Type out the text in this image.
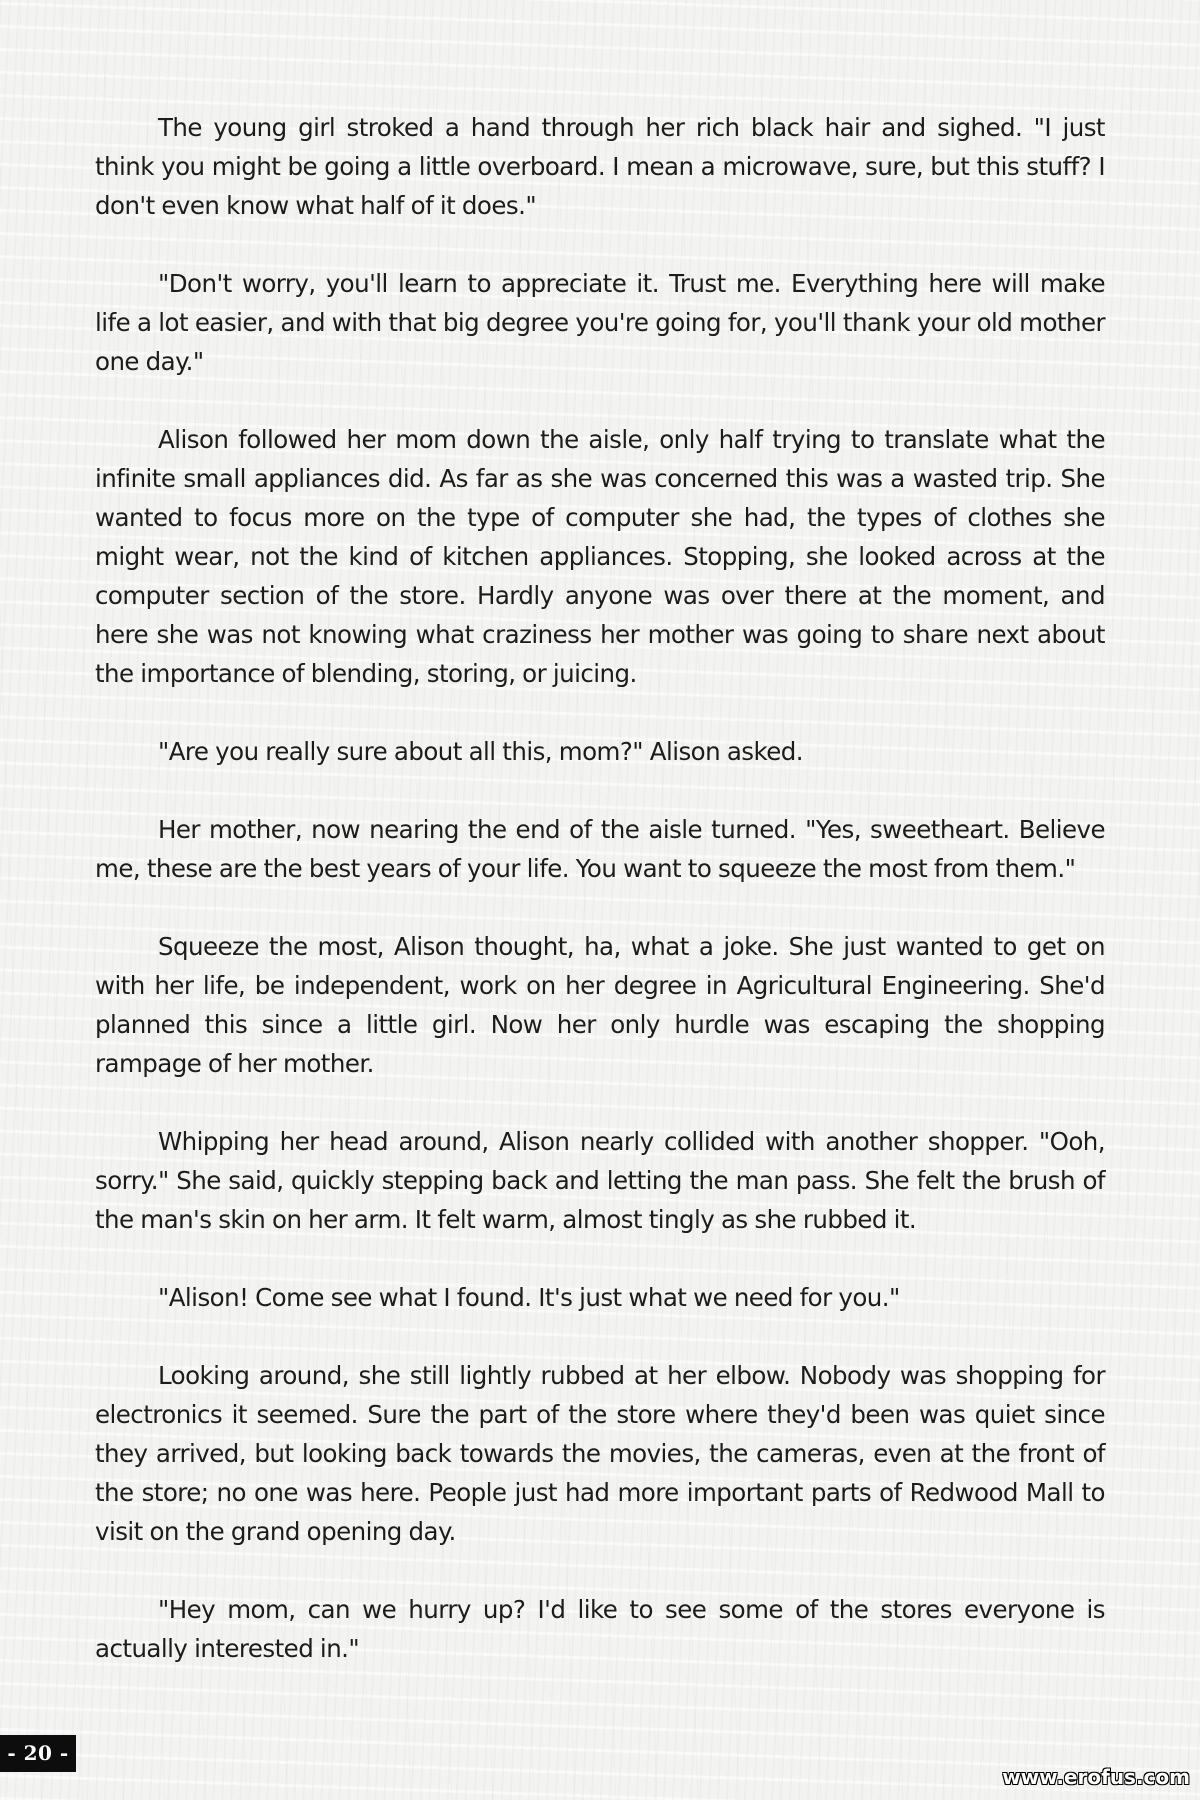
The young girl stroked a hand through her rich black hair and sighed. "I just think you might be going a little overboard. I mean a microwave, sure, but this stuff? I don't even know what half of it does."

"Don't worry, you'll learn to appreciate it. Trust me. Everything here will make life a lot easier, and with that big degree you're going for, you'll thank your old mother one day."

Alison followed her mom down the aisle, only half trying to translate what the infinite small appliances did. As far as she was concerned this was a wasted trip. She wanted to focus more on the type of computer she had, the types of clothes she might wear, not the kind of kitchen appliances. Stopping, she looked across at the computer section of the store. Hardly anyone was over there at the moment, and here she was not knowing what craziness her mother was going to share next about the importance of blending, storing, or juicing.

"Are you really sure about all this, mom?" Alison asked.

Her mother, now nearing the end of the aisle turned. "Yes, sweetheart. Believe me, these are the best years of your life. You want to squeeze the most from them."

Squeeze the most, Alison thought, ha, what a joke. She just wanted to get on with her life, be independent, work on her degree in Agricultural Engineering. She'd planned this since a little girl. Now her only hurdle was escaping the shopping rampage of her mother.

Whipping her head around, Alison nearly collided with another shopper. "Ooh, sorry." She said, quickly stepping back and letting the man pass. She felt the brush of the man's skin on her arm. It felt warm, almost tingly as she rubbed it.

"Alison! Come see what I found. It's just what we need for you."

Looking around, she still lightly rubbed at her elbow. Nobody was shopping for electronics it seemed. Sure the part of the store where they'd been was quiet since they arrived, but looking back towards the movies, the cameras, even at the front of the store; no one was here. People just had more important parts of Redwood Mall to visit on the grand opening day.

"Hey mom, can we hurry up? I'd like to see some of the stores everyone is actually interested in."

- 20 -
www.erofus.com
